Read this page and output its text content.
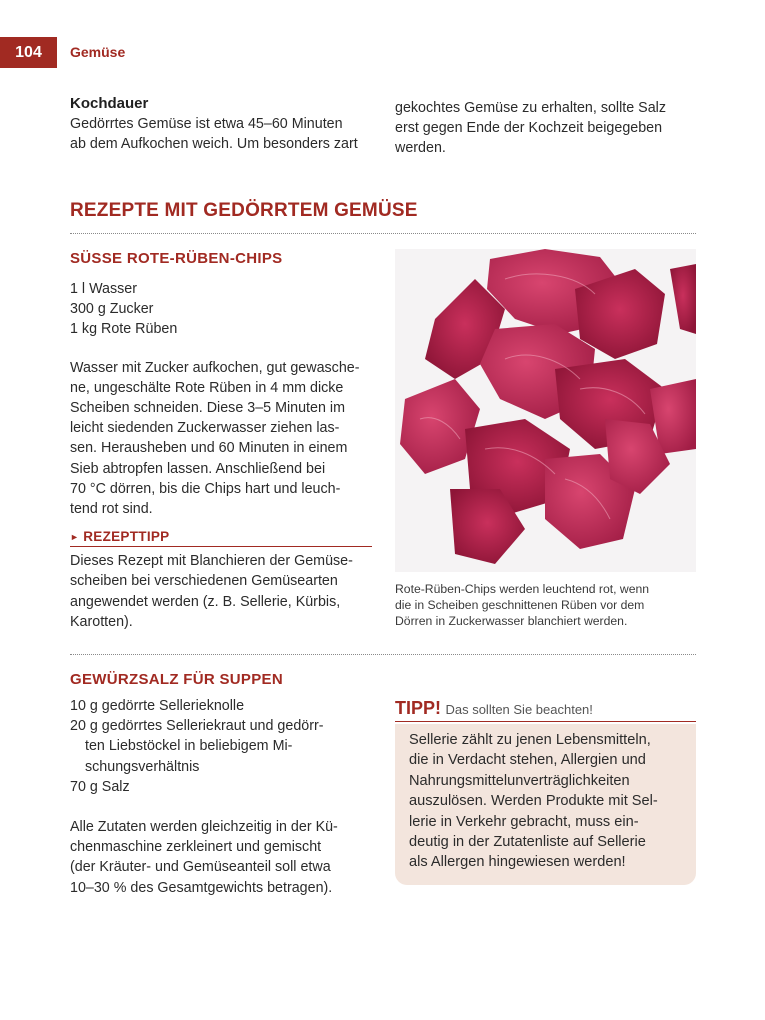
104	Gemüse
Kochdauer
Gedörrtes Gemüse ist etwa 45–60 Minuten
ab dem Aufkochen weich. Um besonders zart
gekochtes Gemüse zu erhalten, sollte Salz
erst gegen Ende der Kochzeit beigegeben
werden.
REZEPTE MIT GEDÖRRTEM GEMÜSE
SÜSSE ROTE-RÜBEN-CHIPS
1 l Wasser
300 g Zucker
1 kg Rote Rüben
Wasser mit Zucker aufkochen, gut gewasche-
ne, ungeschälte Rote Rüben in 4 mm dicke
Scheiben schneiden. Diese 3–5 Minuten im
leicht siedenden Zuckerwasser ziehen las-
sen. Herausheben und 60 Minuten in einem
Sieb abtropfen lassen. Anschließend bei
70 °C dörren, bis die Chips hart und leuch-
tend rot sind.
► REZEPTTIPP
Dieses Rezept mit Blanchieren der Gemüse-
scheiben bei verschiedenen Gemüsearten
angewendet werden (z. B. Sellerie, Kürbis,
Karotten).
Rote-Rüben-Chips werden leuchtend rot, wenn
die in Scheiben geschnittenen Rüben vor dem
Dörren in Zuckerwasser blanchiert werden.
GEWÜRZSALZ FÜR SUPPEN
10 g gedörrte Sellerieknolle
20 g gedörrtes Selleriekraut und gedörr-
ten Liebstöckel in beliebigem Mi-
schungsverhältnis
70 g Salz
Alle Zutaten werden gleichzeitig in der Kü-
chenmaschine zerkleinert und gemischt
(der Kräuter- und Gemüseanteil soll etwa
10–30 % des Gesamtgewichts betragen).
TIPP! Das sollten Sie beachten!
Sellerie zählt zu jenen Lebensmitteln,
die in Verdacht stehen, Allergien und
Nahrungsmittelunverträglichkeiten
auszulösen. Werden Produkte mit Sel-
lerie in Verkehr gebracht, muss ein-
deutig in der Zutatenliste auf Sellerie
als Allergen hingewiesen werden!
